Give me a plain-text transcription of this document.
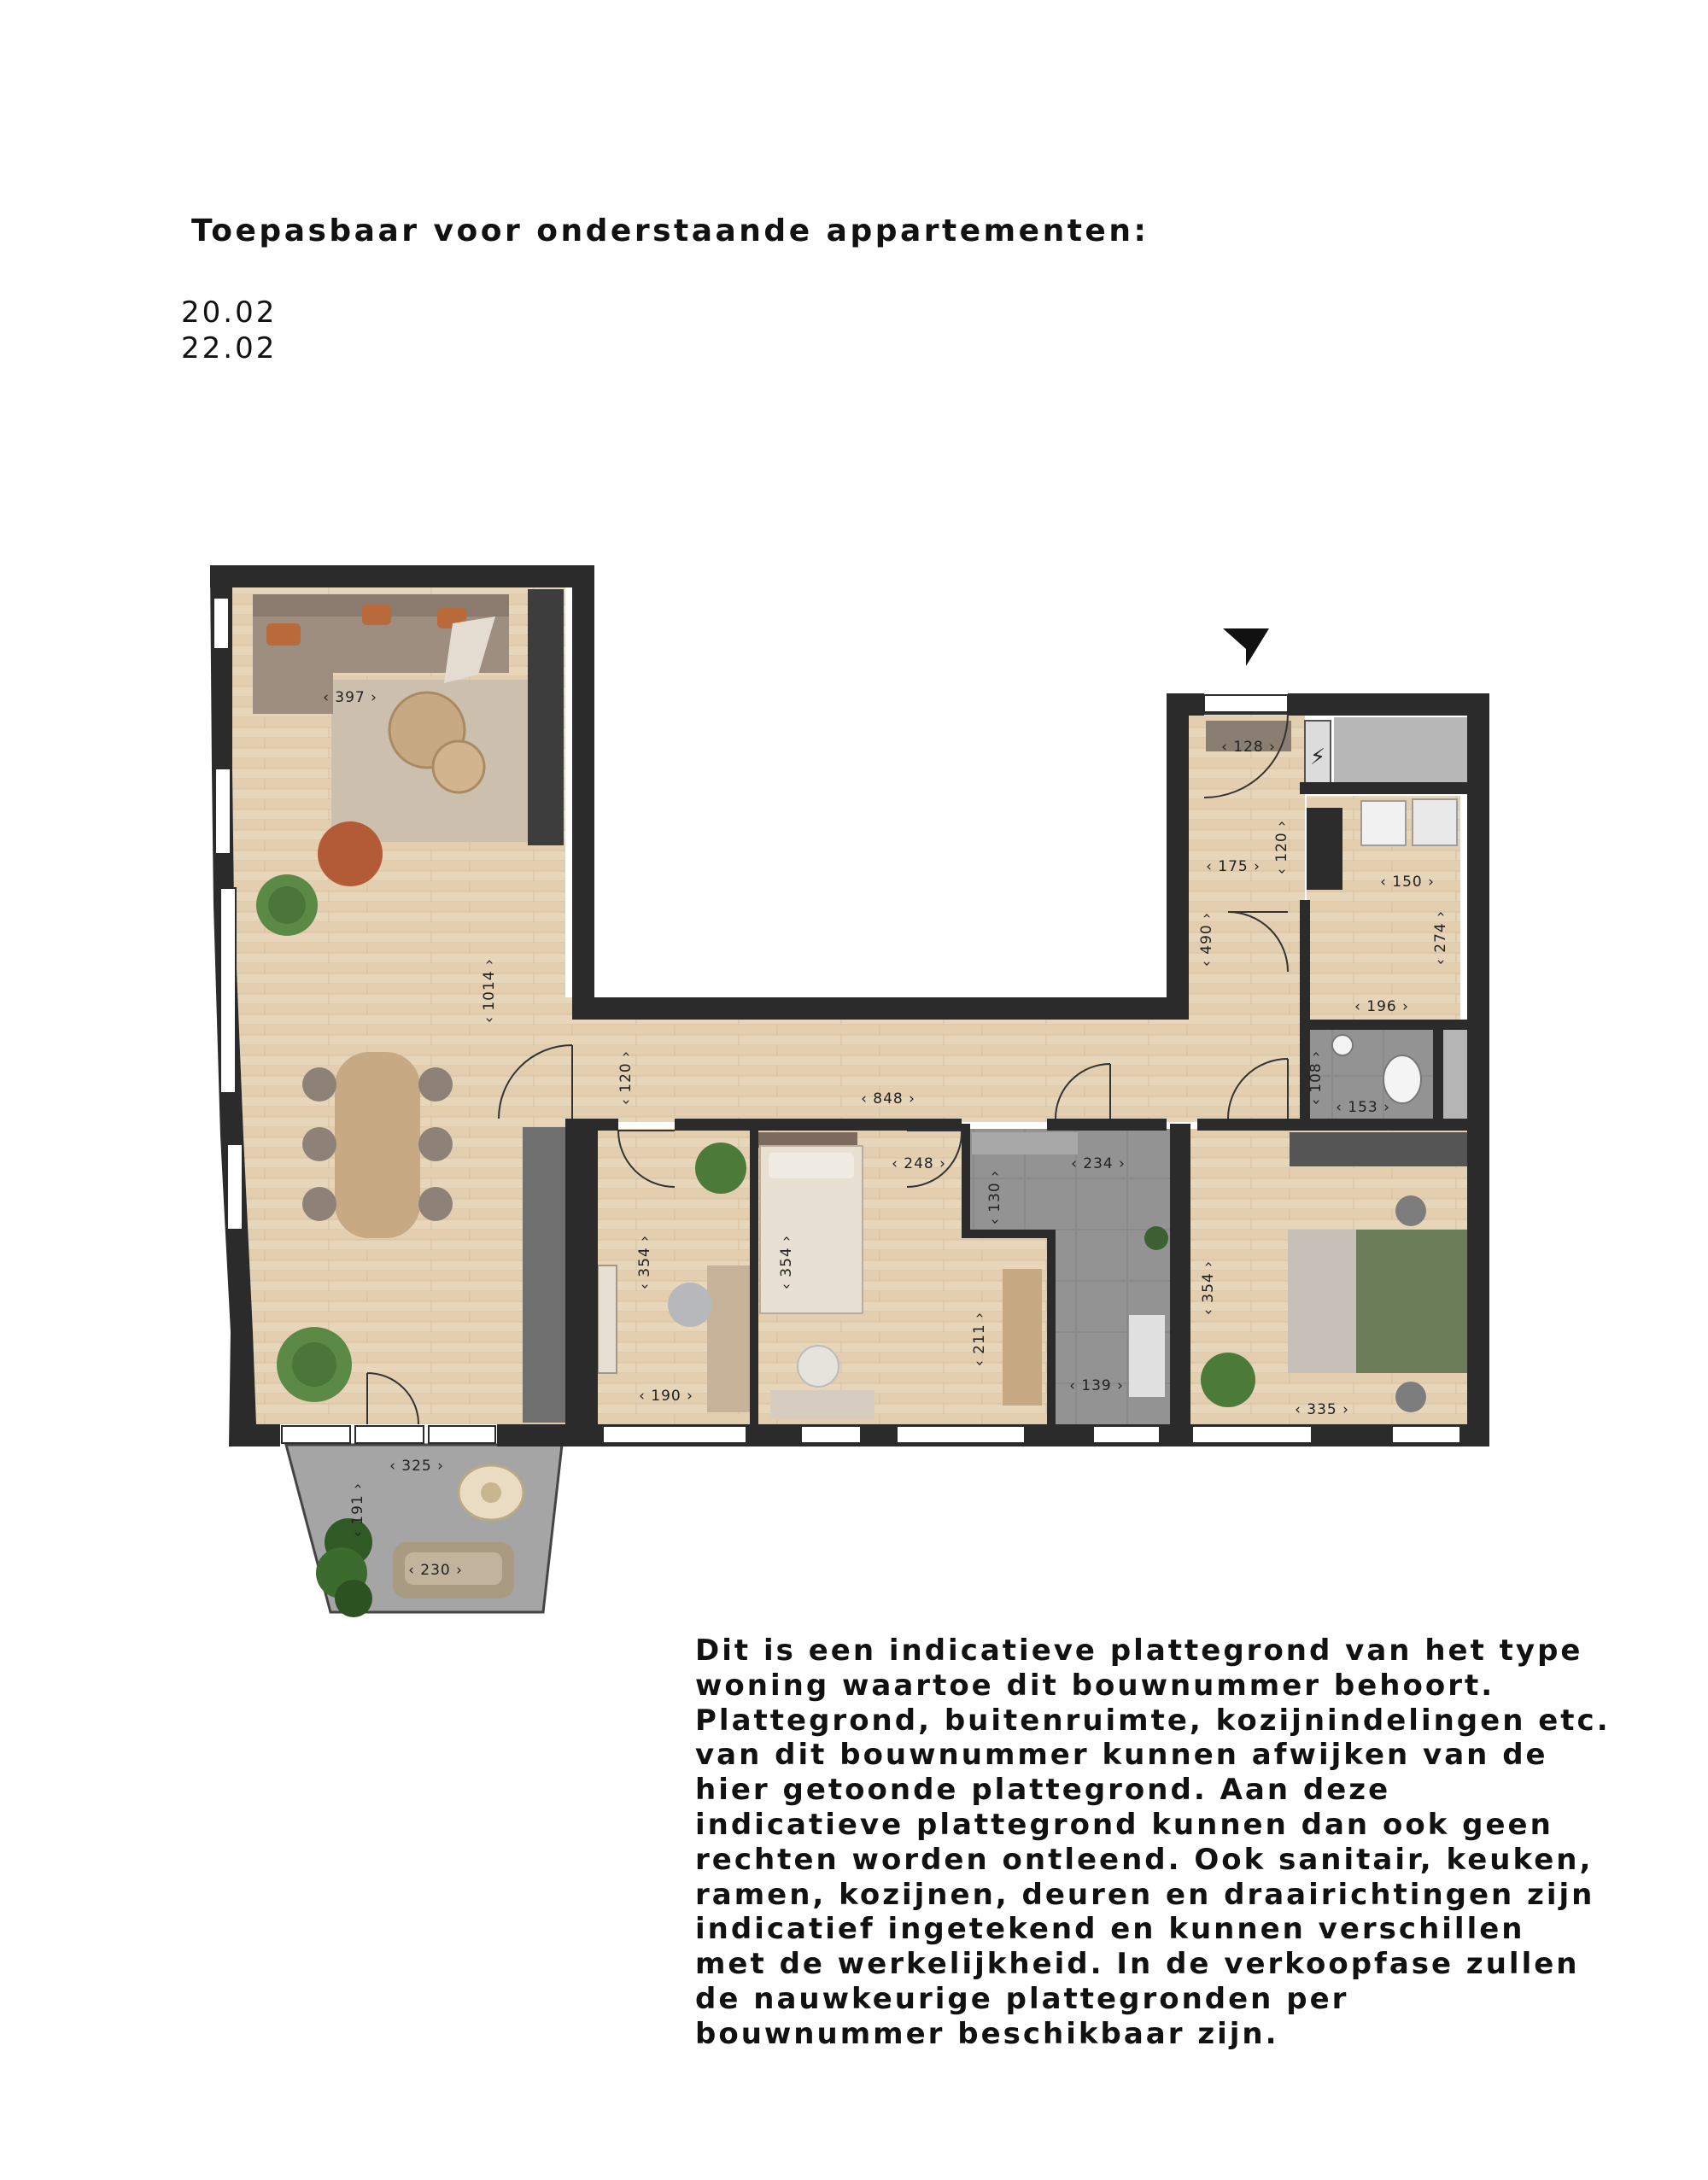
Toepasbaar voor onderstaande appartementen:
20.02
22.02
⚡
‹ 397 ›
‹ 1014 ›
‹ 120 ›	‹ 848 ›
‹ 128 ›
‹ 175 › ‹ 120 ›
‹ 490 ›
‹ 150 ›
‹ 274 ›
‹ 196 ›
‹ 108 ›
‹ 153 ›
‹ 354 ›
‹ 190 ›
‹ 354 ›
‹ 248 ›
‹ 211 ›
‹ 234 ›
‹ 130 ›
‹ 139 ›
‹ 354 ›
‹ 335 ›
‹ 325 ›
‹ 191 ›
‹ 230 ›
Dit is een indicatieve plattegrond van het type
woning waartoe dit bouwnummer behoort.
Plattegrond, buitenruimte, kozijnindelingen etc.
van dit bouwnummer kunnen afwijken van de
hier getoonde plattegrond. Aan deze
indicatieve plattegrond kunnen dan ook geen
rechten worden ontleend. Ook sanitair, keuken,
ramen, kozijnen, deuren en draairichtingen zijn
indicatief ingetekend en kunnen verschillen
met de werkelijkheid. In de verkoopfase zullen
de nauwkeurige plattegronden per
bouwnummer beschikbaar zijn.
